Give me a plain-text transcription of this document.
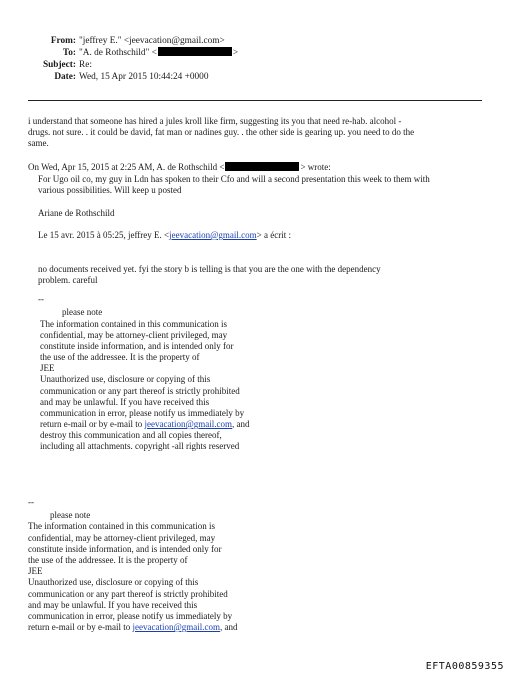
From: "jeffrey E." <jeevacation@gmail.com>
To: "A. de Rothschild" <	>
Subject: Re:
Date: Wed, 15 Apr 2015 10:44:24 +0000
i understand that someone has hired a jules kroll like firm, suggesting its you that need re-hab. alcohol -
drugs. not sure. . it could be david, fat man or nadines guy. . the other side is gearing up. you need to do the
same.
On Wed, Apr 15, 2015 at 2:25 AM, A. de Rothschild <	> wrote:
For Ugo oil co, my guy in Ldn has spoken to their Cfo and will a second presentation this week to them with
various possibilities. Will keep u posted
Ariane de Rothschild
Le 15 avr. 2015 à 05:25, jeffrey E. <jeevacation@gmail.com> a écrit :
no documents received yet. fyi the story b is telling is that you are the one with the dependency
problem. careful
--
please note
The information contained in this communication is
confidential, may be attorney-client privileged, may
constitute inside information, and is intended only for
the use of the addressee. It is the property of
JEE
Unauthorized use, disclosure or copying of this
communication or any part thereof is strictly prohibited
and may be unlawful. If you have received this
communication in error, please notify us immediately by
return e-mail or by e-mail to jeevacation@gmail.com, and
destroy this communication and all copies thereof,
including all attachments. copyright -all rights reserved
--
please note
The information contained in this communication is
confidential, may be attorney-client privileged, may
constitute inside information, and is intended only for
the use of the addressee. It is the property of
JEE
Unauthorized use, disclosure or copying of this
communication or any part thereof is strictly prohibited
and may be unlawful. If you have received this
communication in error, please notify us immediately by
return e-mail or by e-mail to jeevacation@gmail.com, and
EFTA00859355
